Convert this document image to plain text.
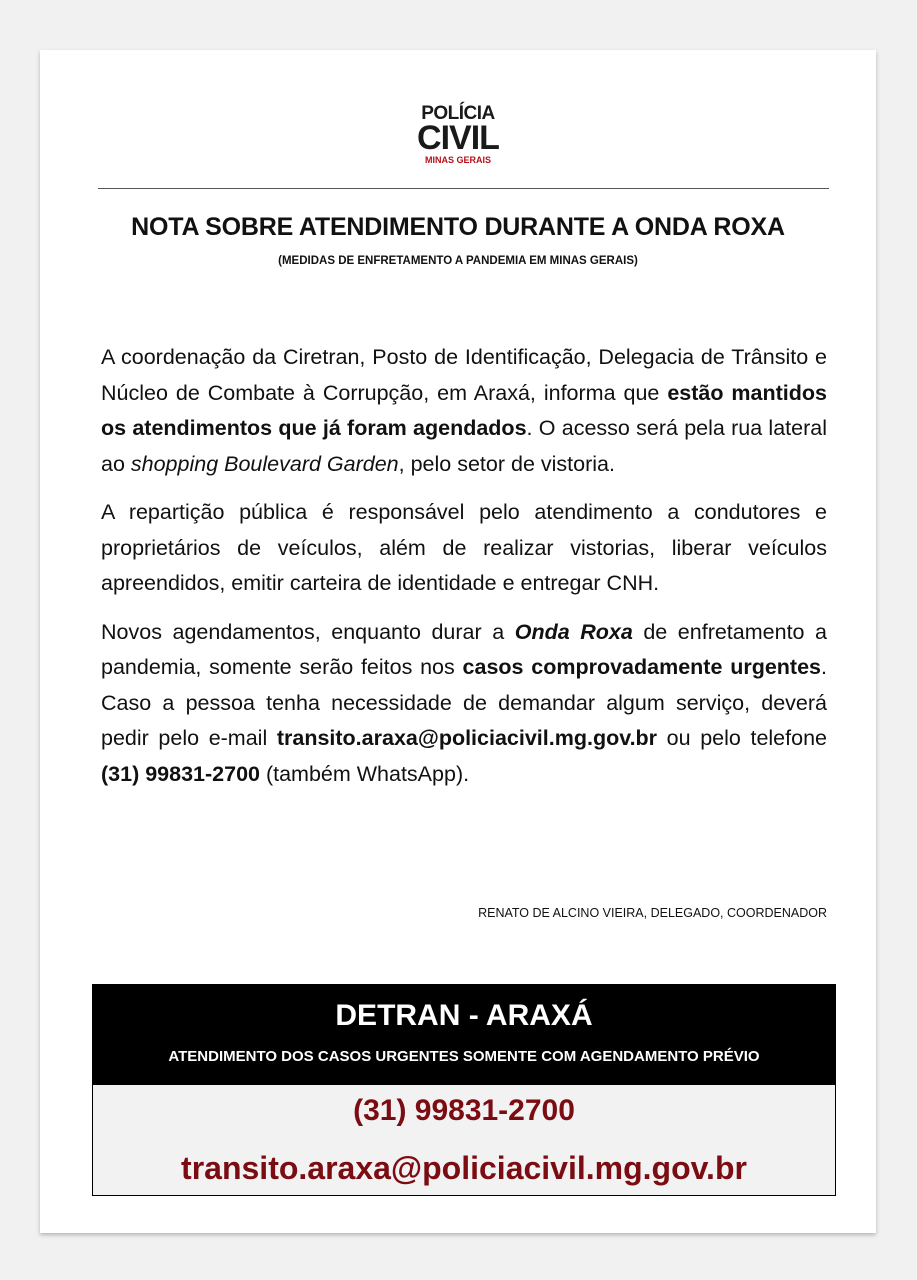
POLÍCIA
CIVIL
MINAS GERAIS
NOTA SOBRE ATENDIMENTO DURANTE A ONDA ROXA
(MEDIDAS DE ENFRETAMENTO A PANDEMIA EM MINAS GERAIS)

A coordenação da Ciretran, Posto de Identificação, Delegacia de Trânsito e Núcleo de Combate à Corrupção, em Araxá, informa que estão mantidos os atendimentos que já foram agendados. O acesso será pela rua lateral ao shopping Boulevard Garden, pelo setor de vistoria.

A repartição pública é responsável pelo atendimento a condutores e proprietários de veículos, além de realizar vistorias, liberar veículos apreendidos, emitir carteira de identidade e entregar CNH.

Novos agendamentos, enquanto durar a Onda Roxa de enfretamento a pandemia, somente serão feitos nos casos comprovadamente urgentes. Caso a pessoa tenha necessidade de demandar algum serviço, deverá pedir pelo e-mail transito.araxa@policiacivil.mg.gov.br ou pelo telefone (31) 99831-2700 (também WhatsApp).

RENATO DE ALCINO VIEIRA, DELEGADO, COORDENADOR
DETRAN - ARAXÁ
ATENDIMENTO DOS CASOS URGENTES SOMENTE COM AGENDAMENTO PRÉVIO
(31) 99831-2700
transito.araxa@policiacivil.mg.gov.br
